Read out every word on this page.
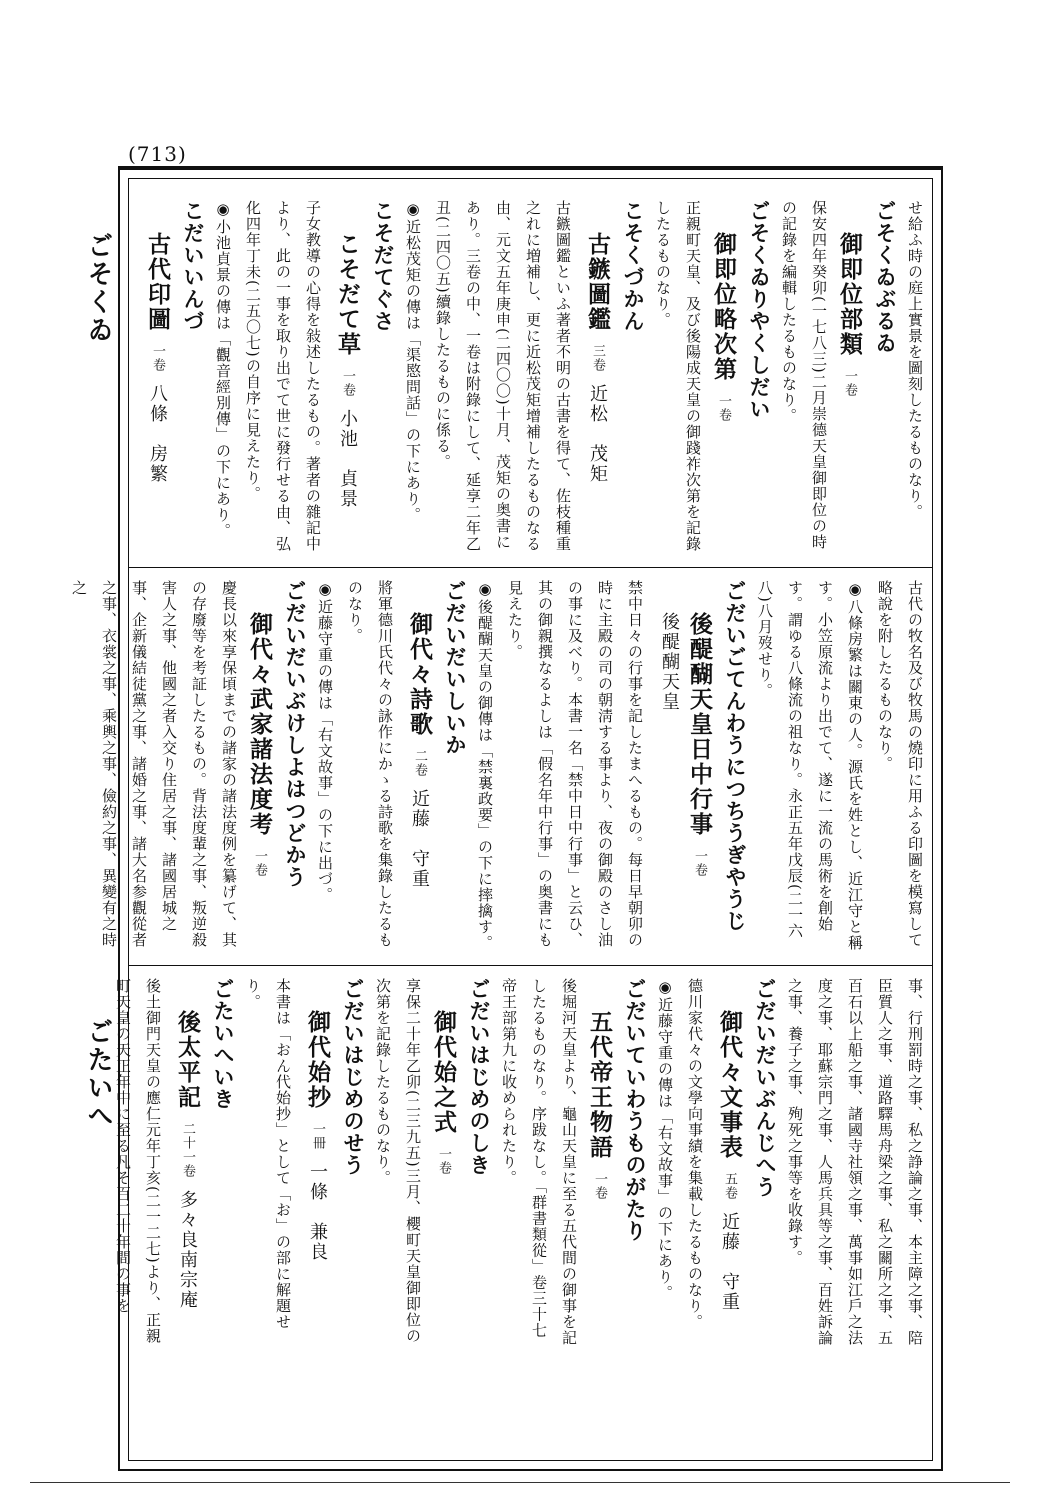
(713)
ごそくゐ
ごたいへ
せ給ふ時の庭上實景を圖刻したるものなり。
ごそくゐぶるゐ
御即位部類一卷
保安四年癸卯(一七八三)二月崇德天皇御即位の時の記錄を編輯したるものなり。
ごそくゐりやくしだい
御即位略次第一卷
正親町天皇、及び後陽成天皇の御踐祚次第を記錄したるものなり。
こそくづかん
古鏃圖鑑三卷近松　茂矩
古鏃圖鑑といふ著者不明の古書を得て、佐枝種重之れに増補し、更に近松茂矩增補したるものなる由、元文五年庚申(二四〇〇)十月、茂矩の奥書にあり。三卷の中、一卷は附錄にして、延享二年乙丑(二四〇五)續錄したるものに係る。
◉近松茂矩の傳は「渠愍問話」の下にあり。
こそだてぐさ
こそだて草一卷小池　貞景
子女教導の心得を敍述したるもの。著者の雜記中より、此の一事を取り出でて世に發行せる由、弘化四年丁未(二五〇七)の自序に見えたり。
◉小池貞景の傳は「觀音經別傳」の下にあり。
こだいいんづ
古代印圖一卷八條　房繁
古代の牧名及び牧馬の燒印に用ふる印圖を模寫して略說を附したるものなり。
◉八條房繁は關東の人。源氏を姓とし、近江守と稱す。小笠原流より出でて、遂に一流の馬術を創始す。謂ゆる八條流の祖なり。永正五年戊辰(二一六八)八月歿せり。
ごだいごてんわうにつちうぎやうじ
後醍醐天皇日中行事一卷後醍醐天皇
禁中日々の行事を記したまへるもの。每日早朝卯の時に主殿の司の朝淸する事より、夜の御殿のさし油の事に及べり。本書一名「禁中日中行事」と云ひ、其の御親撰なるよしは「假名年中行事」の奥書にも見えたり。
◉後醍醐天皇の御傳は「禁裏政要」の下に摔擒す。
ごだいだいしいか
御代々詩歌二卷近藤　守重
將軍德川氏代々の詠作にかゝる詩歌を集錄したるものなり。
◉近藤守重の傳は「右文故事」の下に出づ。
ごだいだいぶけしよはつどかう
御代々武家諸法度考一卷
慶長以來享保頃までの諸家の諸法度例を纂げて、其の存廢等を考証したるもの。背法度輩之事、叛逆殺害人之事、他國之者入交り住居之事、諸國居城之事、企新儀結徒黨之事、諸婚之事、諸大名参觀從者之事、衣裳之事、乘輿之事、儉約之事、異變有之時之
事、行刑罰時之事、私之諍論之事、本主障之事、陪臣質人之事、道路驛馬舟梁之事、私之關所之事、五百石以上船之事、諸國寺社領之事、萬事如江戶之法度之事、耶蘇宗門之事、人馬兵具等之事、百姓訴論之事、養子之事、殉死之事等を收錄す。
ごだいだいぶんじへう
御代々文事表五卷近藤　守重
德川家代々の文學向事績を集載したるものなり。
◉近藤守重の傳は「右文故事」の下にあり。
ごだいていわうものがたり
五代帝王物語一卷
後堀河天皇より、龜山天皇に至る五代間の御事を記したるものなり。序跋なし。「群書類從」卷三十七帝王部第九に收められたり。
ごだいはじめのしき
御代始之式一卷
享保二十年乙卯(二三九五)三月、櫻町天皇御即位の次第を記錄したるものなり。
ごだいはじめのせう
御代始抄一冊一條　兼良
本書は「おん代始抄」として「お」の部に解題せり。
ごたいへいき
後太平記二十一卷多々良南宗庵
後土御門天皇の應仁元年丁亥(二一二七)より、正親町天皇の天正年中に至る凡そ百二十年間の事を
